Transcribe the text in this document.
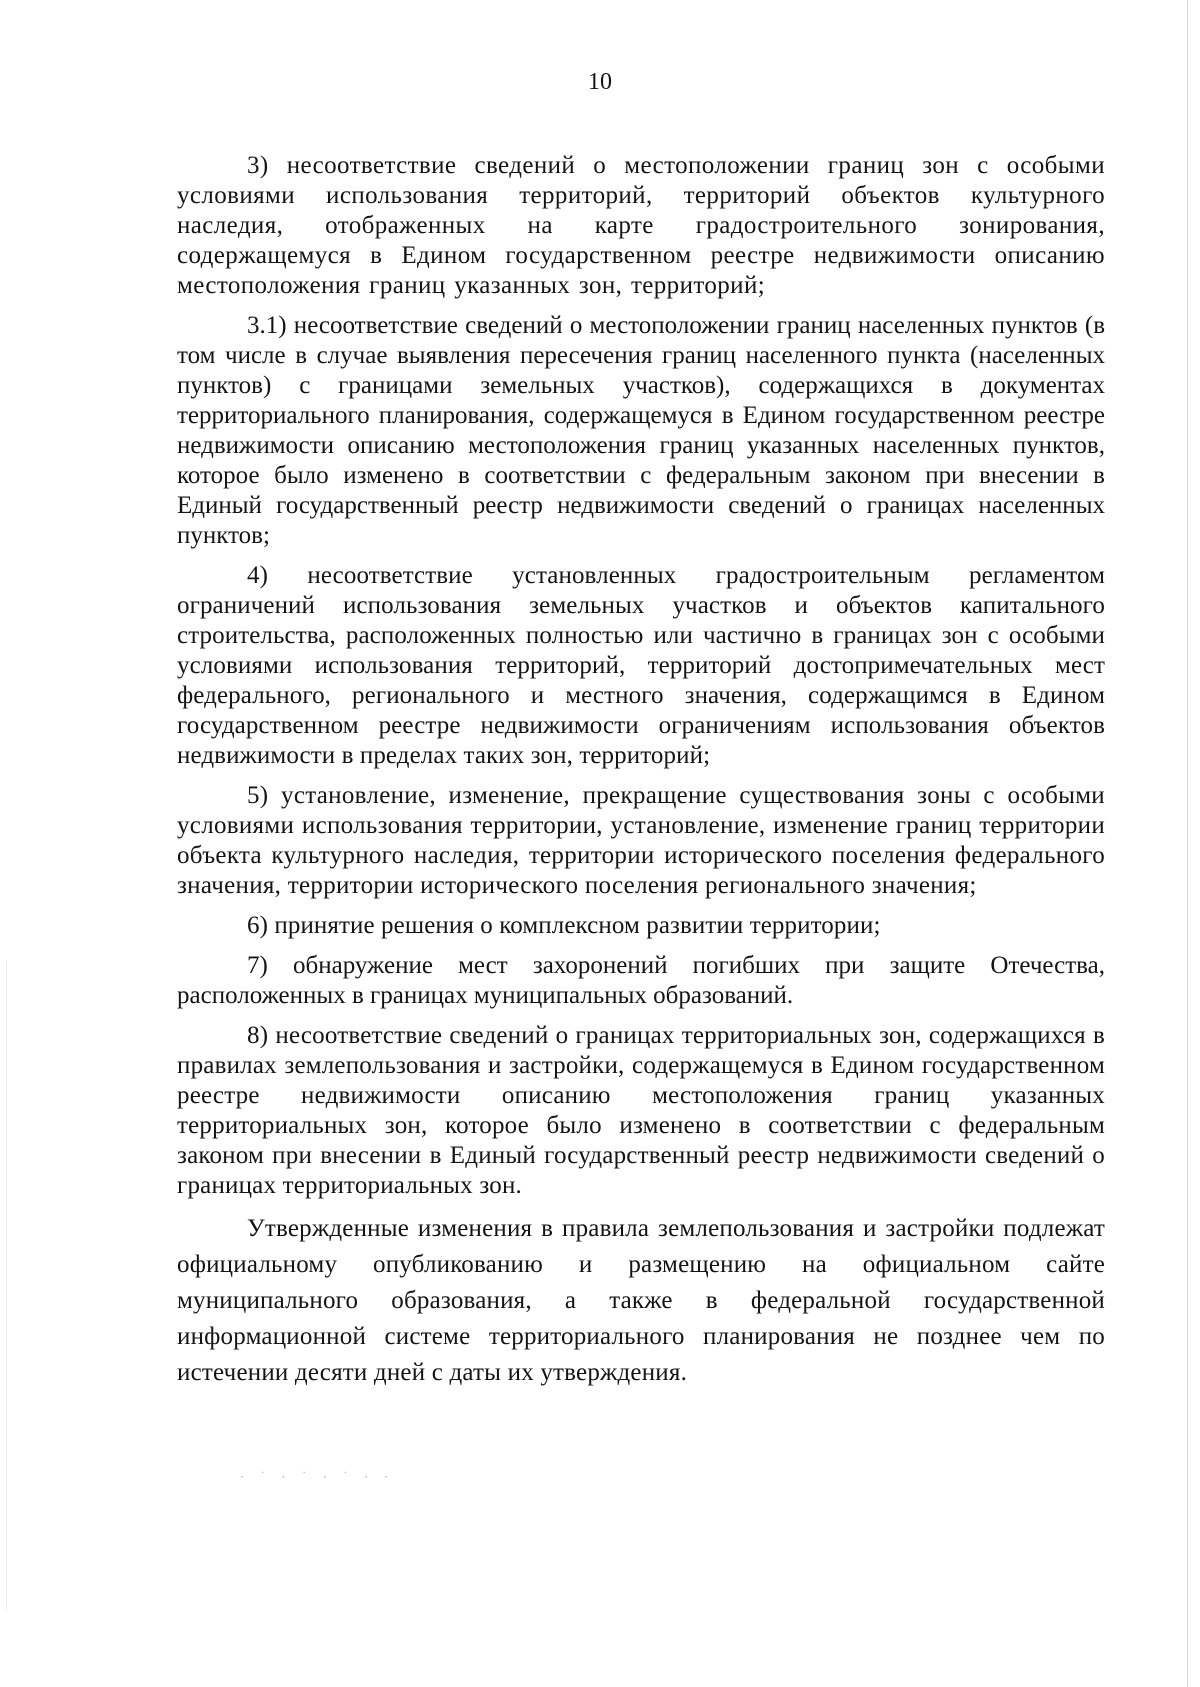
10

3) несоответствие сведений о местоположении границ зон с особыми условиями использования территорий, территорий объектов культурного наследия, отображенных на карте градостроительного зонирования, содержащемуся в Едином государственном реестре недвижимости описанию местоположения границ указанных зон, территорий;

3.1) несоответствие сведений о местоположении границ населенных пунктов (в том числе в случае выявления пересечения границ населенного пункта (населенных пунктов) с границами земельных участков), содержащихся в документах территориального планирования, содержащемуся в Едином государственном реестре недвижимости описанию местоположения границ указанных населенных пунктов, которое было изменено в соответствии с федеральным законом при внесении в Единый государственный реестр недвижимости сведений о границах населенных пунктов;

4) несоответствие установленных градостроительным регламентом ограничений использования земельных участков и объектов капитального строительства, расположенных полностью или частично в границах зон с особыми условиями использования территорий, территорий достопримечательных мест федерального, регионального и местного значения, содержащимся в Едином государственном реестре недвижимости ограничениям использования объектов недвижимости в пределах таких зон, территорий;

5) установление, изменение, прекращение существования зоны с особыми условиями использования территории, установление, изменение границ территории объекта культурного наследия, территории исторического поселения федерального значения, территории исторического поселения регионального значения;

6) принятие решения о комплексном развитии территории;

7) обнаружение мест захоронений погибших при защите Отечества, расположенных в границах муниципальных образований.

8) несоответствие сведений о границах территориальных зон, содержащихся в правилах землепользования и застройки, содержащемуся в Едином государственном реестре недвижимости описанию местоположения границ указанных территориальных зон, которое было изменено в соответствии с федеральным законом при внесении в Единый государственный реестр недвижимости сведений о границах территориальных зон.

Утвержденные изменения в правила землепользования и застройки подлежат официальному опубликованию и размещению на официальном сайте муниципального образования, а также в федеральной государственной информационной системе территориального планирования не позднее чем по истечении десяти дней с даты их утверждения.

· ˙ · ˙ · ˙ · ·
